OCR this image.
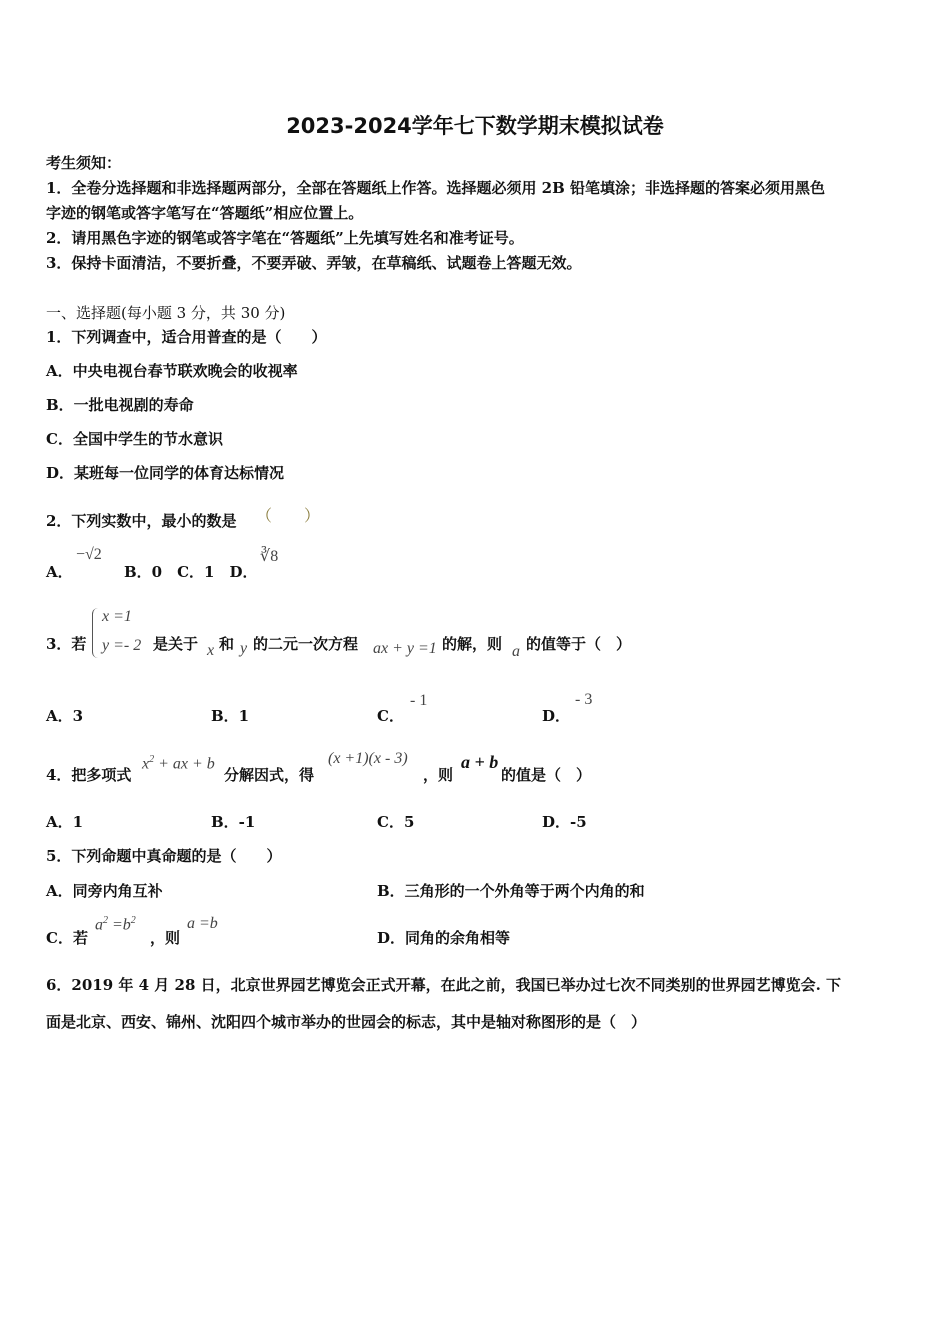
2023-2024学年七下数学期末模拟试卷
考生须知：
1．全卷分选择题和非选择题两部分，全部在答题纸上作答。选择题必须用 2B 铅笔填涂；非选择题的答案必须用黑色
字迹的钢笔或答字笔写在“答题纸”相应位置上。
2．请用黑色字迹的钢笔或答字笔在“答题纸”上先填写姓名和准考证号。
3．保持卡面清洁，不要折叠，不要弄破、弄皱，在草稿纸、试题卷上答题无效。
一、选择题(每小题 3 分，共 30 分)
1．下列调查中，适合用普查的是（　　）
A．中央电视台春节联欢晚会的收视率
B．一批电视剧的寿命
C．全国中学生的节水意识
D．某班每一位同学的体育达标情况
2．下列实数中，最小的数是 （　　）
A．
−√2
B．0　C．1　D．
∛8
3．若
x =1
y =- 2 是关于 x 和 y 的二元一次方程 ax + y =1 的解，则 a 的值等于（　）
A．3	B．1	C．
- 1
D．
- 3
4．把多项式
$x^2$ + ax + b
分解因式，得
(x +1)(x - 3)
，则
a + b
的值是（　）
A．1	B．-1	C．5	D．-5
5．下列命题中真命题的是（　　）
A．同旁内角互补	B．三角形的一个外角等于两个内角的和
C．若
$a^2 =b^2$
，则
a =b
D．同角的余角相等
6．2019 年 4 月 28 日，北京世界园艺博览会正式开幕，在此之前，我国已举办过七次不同类别的世界园艺博览会. 下
面是北京、西安、锦州、沈阳四个城市举办的世园会的标志，其中是轴对称图形的是（　）
